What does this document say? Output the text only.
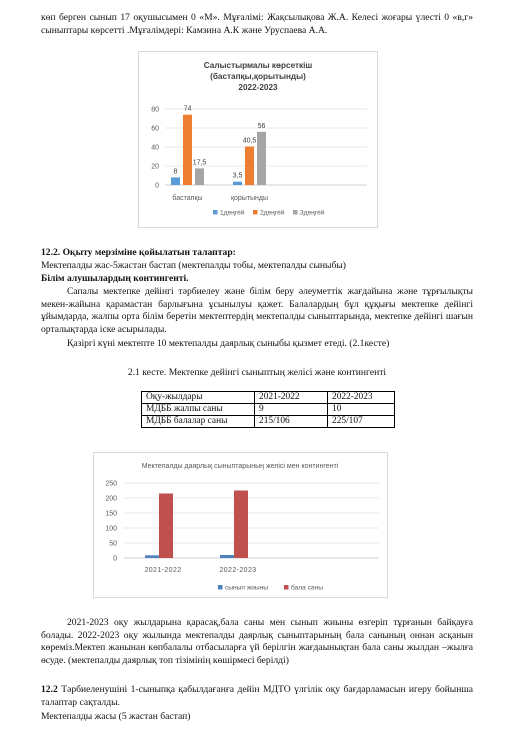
көп берген сынып 17 оқушысымен 0 «М». Мұғалімі: Жақсылықова Ж.А. Келесі жоғары үлесті 0 «в,г» сыныптары көрсетті .Мұғалімдері: Камзина А.К және Уруспаева А.А.
Салыстырмалы көрсеткіш
(бастапқы,қорытынды)
2022-2023
0
20
40
60
80
8
74
17,5
бастапқы
3,5
40,5
56
қорытынды
1деңгей 2деңгей 3деңгей
12.2. Оқыту мерзіміне қойылатын талаптар:
Мектепалды жас-5жастан бастап (мектепалды тобы, мектепалды сыныбы)
Білім алушылардың контингенті.
Сапалы мектепке дейінгі тәрбиелеу және білім беру әлеуметтік жағдайына және тұрғылықты мекен-жайына қарамастан барлығына ұсынылуы қажет. Балалардың бұл құқығы мектепке дейінгі ұйымдарда, жалпы орта білім беретін мектептердің мектепалды сыныптарында, мектепке дейінгі шағын орталықтарда іске асырылады.
Қазіргі күні мектепте 10 мектепалды даярлық сыныбы қызмет етеді. (2.1кесте)
2.1 кесте. Мектепке дейінгі сыныптың желісі және контингенті
Оқу-жылдары	2021-2022	2022-2023
МДББ жалпы саны	9	10
МДББ балалар саны	215/106	225/107
Мектепалды даярлық сыныптарының желісі мен контингенті
0
50
100
150
200
250
2021-2022	2022-2023
сынып жиыны	бала саны
2021-2023 оқу жылдарына қарасақ,бала саны мен сынып жиыны өзгеріп тұрғанын байқауға болады. 2022-2023 оқу жылында мектепалды даярлық сыныптарының бала санының оннан асқанын көреміз.Мектеп жанынан көпбалалы отбасыларға үй берілгін жағдаынықтан бала саны жылдан –жылға өсуде. (мектепалды даярлық топ тізімінің көшірмесі берілді)
12.2 Тәрбиеленушіні 1-сыныпқа қабылдағанға дейін МДТО үлгілік оқу бағдарламасын игеру бойынша талаптар сақталды.
Мектепалды жасы (5 жастан бастап)
